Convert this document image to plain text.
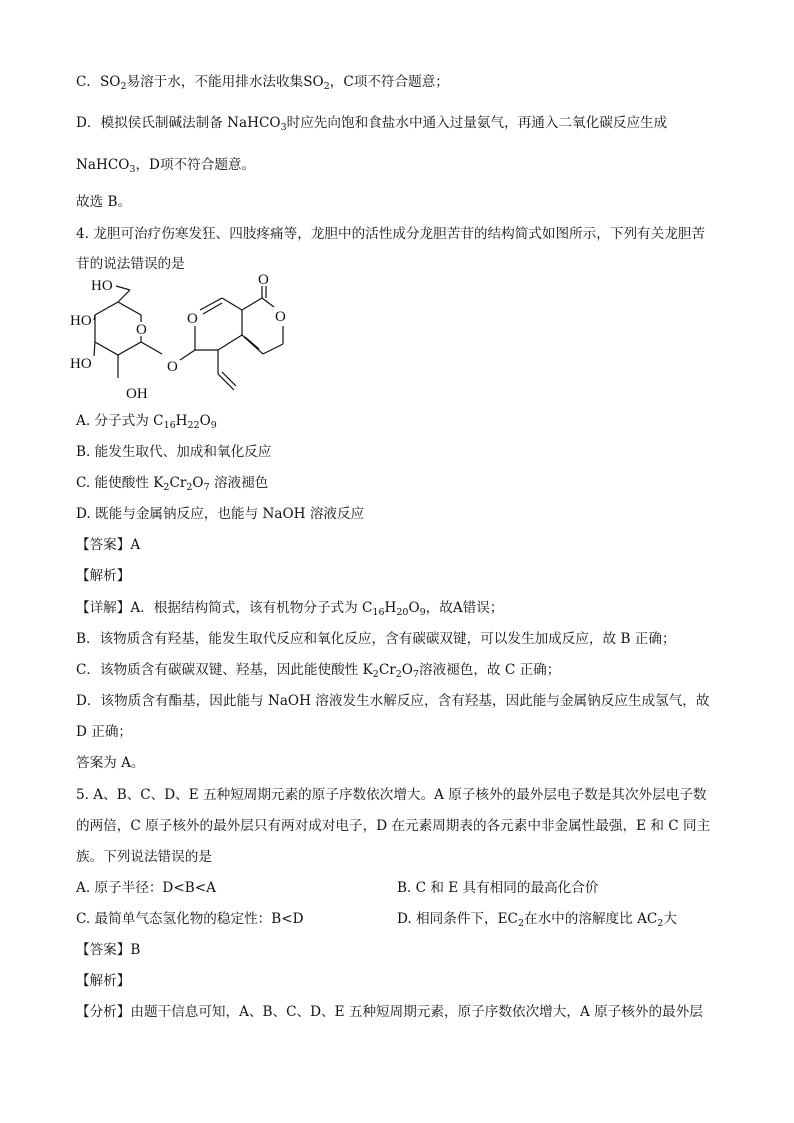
C．$SO_2$易溶于水，不能用排水法收集$SO_2$，C项不符合题意；
D．模拟侯氏制碱法制备 NaHCO$_3$时应先向饱和食盐水中通入过量氨气，再通入二氧化碳反应生成
NaHCO$_3$，D项不符合题意。
故选 B。
4. 龙胆可治疗伤寒发狂、四肢疼痛等，龙胆中的活性成分龙胆苦苷的结构简式如图所示，下列有关龙胆苦
苷的说法错误的是
HO
HO
HO
OH
O
O
O
O
O
A. 分子式为 $C_{16}H_{22}O_9$
B. 能发生取代、加成和氧化反应
C. 能使酸性 $K_2Cr_2O_7$ 溶液褪色
D. 既能与金属钠反应，也能与 NaOH 溶液反应
【答案】A
【解析】
【详解】A．根据结构简式，该有机物分子式为 $C_{16}H_{20}O_9$，故A错误；
B．该物质含有羟基，能发生取代反应和氧化反应，含有碳碳双键，可以发生加成反应，故 B 正确；
C．该物质含有碳碳双键、羟基，因此能使酸性 $K_2Cr_2O_7$溶液褪色，故 C 正确；
D．该物质含有酯基，因此能与 NaOH 溶液发生水解反应，含有羟基，因此能与金属钠反应生成氢气，故
D 正确；
答案为 A。
5. A、B、C、D、E 五种短周期元素的原子序数依次增大。A 原子核外的最外层电子数是其次外层电子数
的两倍，C 原子核外的最外层只有两对成对电子，D 在元素周期表的各元素中非金属性最强，E 和 C 同主
族。下列说法错误的是
A. 原子半径：D<B<A	B. C 和 E 具有相同的最高化合价
C. 最简单气态氢化物的稳定性：B<D	D. 相同条件下，$EC_2$在水中的溶解度比 $AC_2$大
【答案】B
【解析】
【分析】由题干信息可知，A、B、C、D、E 五种短周期元素，原子序数依次增大，A 原子核外的最外层
